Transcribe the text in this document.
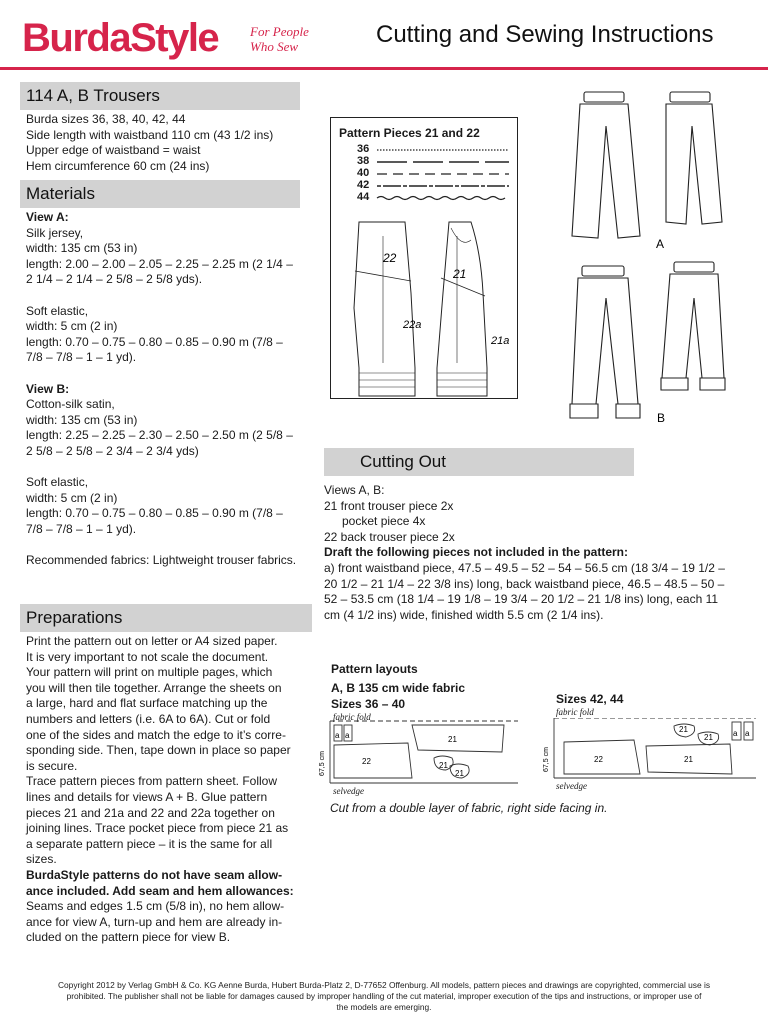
BurdaStyle For People
Who Sew	Cutting and Sewing Instructions
114 A, B Trousers

Burda sizes 36, 38, 40, 42, 44

Side length with waistband 110 cm (43 1/2 ins)

Upper edge of waistband = waist

Hem circumference 60 cm (24 ins)

Materials

View A:

Silk jersey,

width: 135 cm (53 in)

length: 2.00 – 2.00 – 2.05 – 2.25 – 2.25 m (2 1/4 –

2 1/4 – 2 1/4 – 2 5/8 – 2 5/8 yds).

Soft elastic,

width: 5 cm (2 in)

length: 0.70 – 0.75 – 0.80 – 0.85 – 0.90 m (7/8 –

7/8 – 7/8 – 1 – 1 yd).

View B:

Cotton-silk satin,

width: 135 cm (53 in)

length: 2.25 – 2.25 – 2.30 – 2.50 – 2.50 m (2 5/8 –

2 5/8 – 2 5/8 – 2 3/4 – 2 3/4 yds)

Soft elastic,

width: 5 cm (2 in)

length: 0.70 – 0.75 – 0.80 – 0.85 – 0.90 m (7/8 –

7/8 – 7/8 – 1 – 1 yd).

Recommended fabrics: Lightweight trouser fabrics.

Preparations
Print the pattern out on letter or A4 sized paper.
It is very important to not scale the document.
Your pattern will print on multiple pages, which
you will then tile together. Arrange the sheets on
a large, hard and flat surface matching up the
numbers and letters (i.e. 6A to 6A). Cut or fold
one of the sides and match the edge to it’s corre-
sponding side. Then, tape down in place so paper
is secure.
Trace pattern pieces from pattern sheet. Follow
lines and details for views A + B. Glue pattern
pieces 21 and 21a and 22 and 22a together on
joining lines. Trace pocket piece from piece 21 as
a separate pattern piece – it is the same for all
sizes.
BurdaStyle patterns do not have seam allow-
ance included. Add seam and hem allowances:
Seams and edges 1.5 cm (5/8 in), no hem allow-
ance for view A, turn-up and hem are already in-
cluded on the pattern piece for view B.
Pattern Pieces 21 and 22
36
38
40
42
44
22
22a
21
21a
A
B
Cutting Out

Views A, B:

21 front trouser piece 2x

pocket piece 4x

22 back trouser piece 2x

Draft the following pieces not included in the pattern:

a) front waistband piece, 47.5 – 49.5 – 52 – 54 – 56.5 cm (18 3/4 – 19 1/2 –
20 1/2 – 21 1/4 – 22 3/8 ins) long, back waistband piece, 46.5 – 48.5 – 50 –
52 – 53.5 cm (18 1/4 – 19 1/8 – 19 3/4 – 20 1/2 – 21 1/8 ins) long, each 11
cm (4 1/2 ins) wide, finished width 5.5 cm (2 1/4 ins).
Pattern layouts
A, B 135 cm wide fabric
Sizes 36 – 40	Sizes 42, 44
fabric fold	fabric fold
a a	21
22	21
21
a a
22	21
21
21
67,5 cm	67,5 cm
selvedge	selvedge
Cut from a double layer of fabric, right side facing in.
Copyright 2012 by Verlag GmbH & Co. KG Aenne Burda, Hubert Burda-Platz 2, D-77652 Offenburg. All models, pattern pieces and drawings are copyrighted, commercial use is
prohibited. The publisher shall not be liable for damages caused by improper handling of the cut material, improper execution of the tips and instructions, or improper use of
the models are emerging.
